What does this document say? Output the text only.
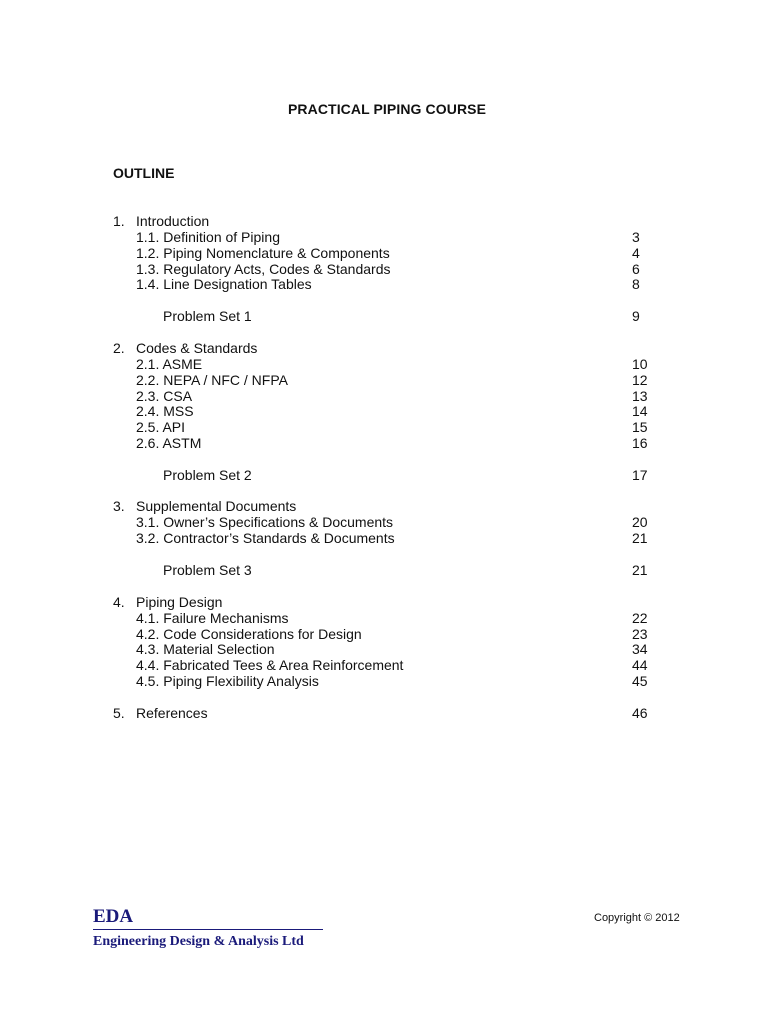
PRACTICAL PIPING COURSE
OUTLINE
1. Introduction
1.1. Definition of Piping	3
1.2. Piping Nomenclature & Components	4
1.3. Regulatory Acts, Codes & Standards	6
1.4. Line Designation Tables	8
Problem Set 1	9
2. Codes & Standards
2.1. ASME	10
2.2. NEPA / NFC / NFPA	12
2.3. CSA	13
2.4. MSS	14
2.5. API	15
2.6. ASTM	16
Problem Set 2	17
3. Supplemental Documents
3.1. Owner’s Specifications & Documents	20
3.2. Contractor’s Standards & Documents	21
Problem Set 3	21
4. Piping Design
4.1. Failure Mechanisms	22
4.2. Code Considerations for Design	23
4.3. Material Selection	34
4.4. Fabricated Tees & Area Reinforcement	44
4.5. Piping Flexibility Analysis	45
5. References	46
EDA
Engineering Design & Analysis Ltd
Copyright © 2012
